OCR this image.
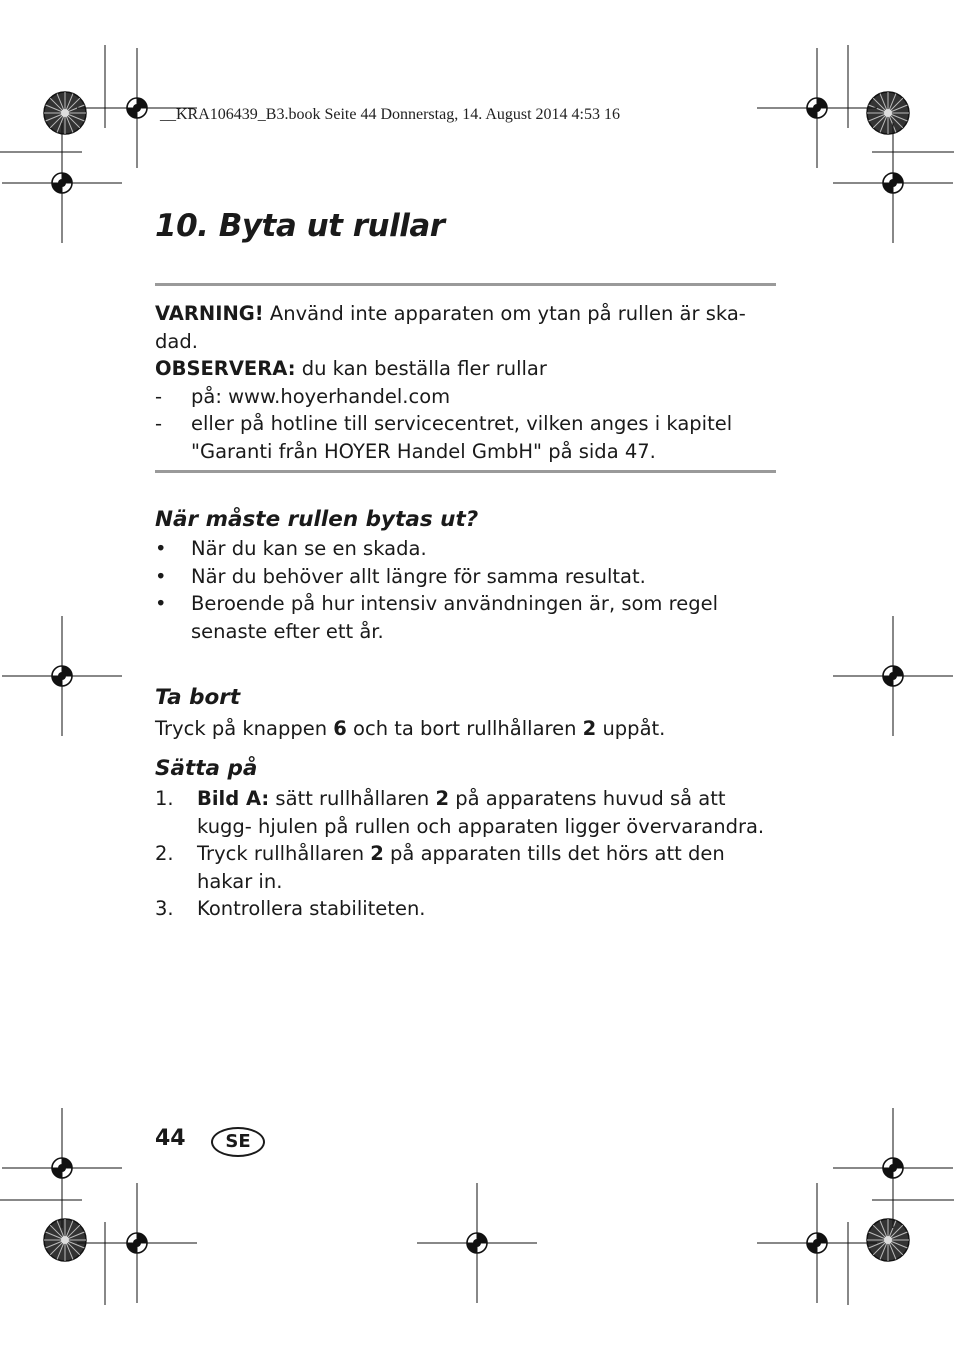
__KRA106439_B3.book Seite 44 Donnerstag, 14. August 2014 4:53 16
10. Byta ut rullar

VARNING! Använd inte apparaten om ytan på rullen är ska- dad.

OBSERVERA: du kan beställa fler rullar

- på: www.hoyerhandel.com
- eller på hotline till servicecentret, vilken anges i kapitel "Garanti från HOYER Handel GmbH" på sida 47.
När måste rullen bytas ut?
• När du kan se en skada.
• När du behöver allt längre för samma resultat.
• Beroende på hur intensiv användningen är, som regel senaste efter ett år.
Ta bort

Tryck på knappen 6 och ta bort rullhållaren 2 uppåt.

Sätta på
1. Bild A: sätt rullhållaren 2 på apparatens huvud så att kugg- hjulen på rullen och apparaten ligger övervarandra.
2. Tryck rullhållaren 2 på apparaten tills det hörs att den hakar in.
3. Kontrollera stabiliteten.
44	SE
